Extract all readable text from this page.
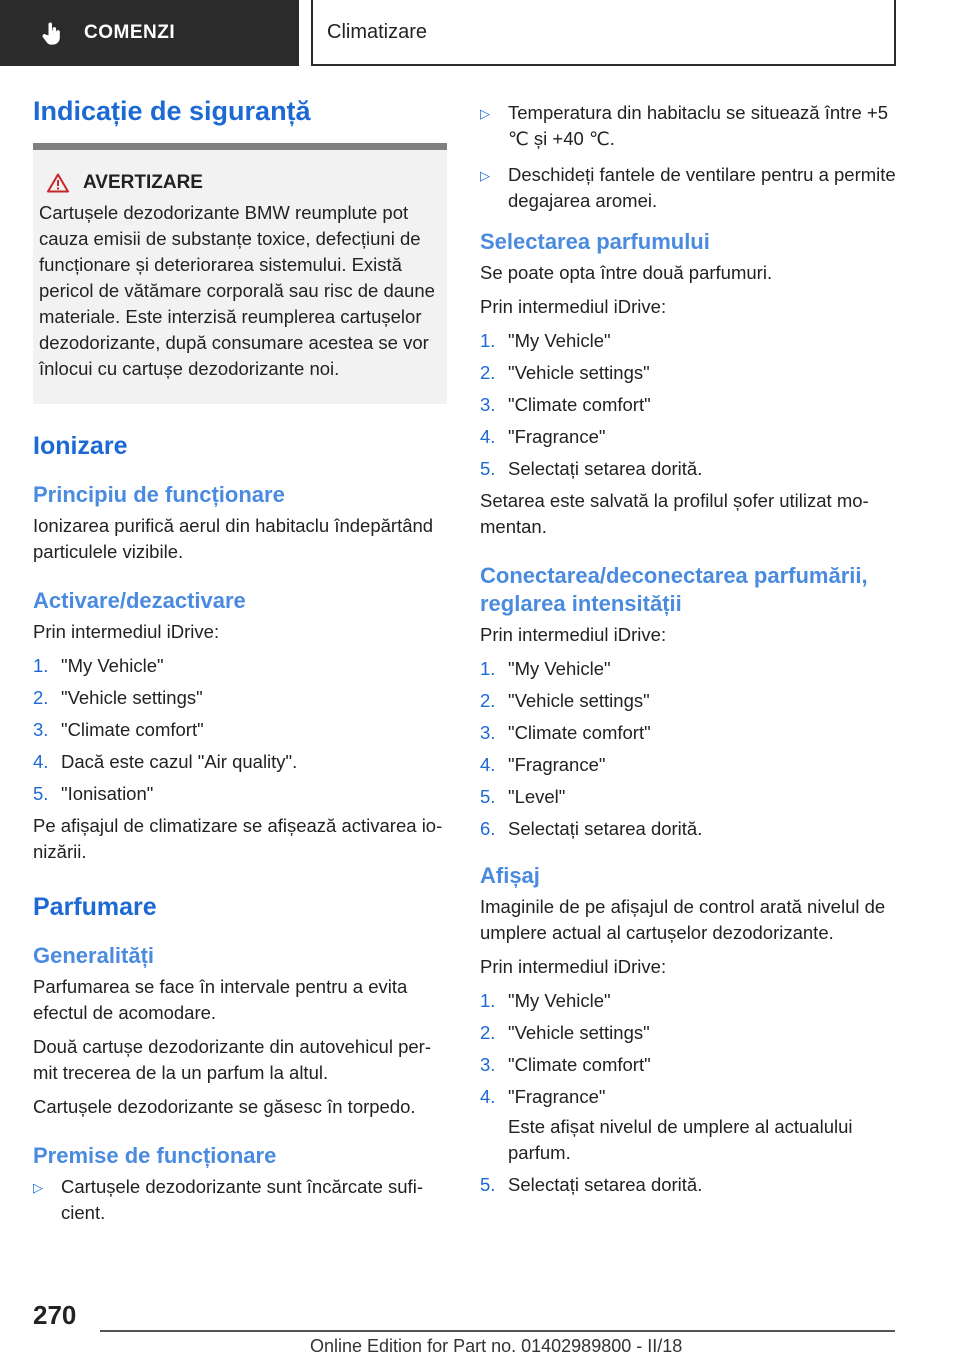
COMENZI	Climatizare
Indicație de siguranță
AVERTIZARE

Cartușele dezodorizante BMW reumplute pot cauza emisii de substanțe toxice, defecțiuni de funcționare și deteriorarea sistemului. Există pericol de vătămare corporală sau risc de daune materiale. Este interzisă reumplerea cartușelor dezodorizante, după consumare acestea se vor înlocui cu cartușe dezodorizante noi.

Ionizare
Principiu de funcționare

Ionizarea purifică aerul din habitaclu îndepărtând particulele vizibile.

Activare/dezactivare

Prin intermediul iDrive:

1. "My Vehicle"
2. "Vehicle settings"
3. "Climate comfort"
4. Dacă este cazul "Air quality".
5. "Ionisation"

Pe afișajul de climatizare se afișează activarea ionizării.

Parfumare
Generalități

Parfumarea se face în intervale pentru a evita efectul de acomodare.

Două cartușe dezodorizante din autovehicul permit trecerea de la un parfum la altul.

Cartușele dezodorizante se găsesc în torpedo.

Premise de funcționare
▷ Cartușele dezodorizante sunt încărcate suficient.
▷ Temperatura din habitaclu se situează între +5 ℃ și +40 ℃.
▷ Deschideți fantele de ventilare pentru a permite degajarea aromei.
Selectarea parfumului

Se poate opta între două parfumuri.

Prin intermediul iDrive:

1. "My Vehicle"
2. "Vehicle settings"
3. "Climate comfort"
4. "Fragrance"
5. Selectați setarea dorită.

Setarea este salvată la profilul șofer utilizat momentan.

Conectarea/deconectarea parfumării, reglarea intensității

Prin intermediul iDrive:

1. "My Vehicle"
2. "Vehicle settings"
3. "Climate comfort"
4. "Fragrance"
5. "Level"
6. Selectați setarea dorită.
Afișaj

Imaginile de pe afișajul de control arată nivelul de umplere actual al cartușelor dezodorizante.

Prin intermediul iDrive:

1. "My Vehicle"
2. "Vehicle settings"
3. "Climate comfort"
4. "Fragrance"
Este afișat nivelul de umplere al actualului parfum.
5. Selectați setarea dorită.
270
Online Edition for Part no. 01402989800 - II/18
